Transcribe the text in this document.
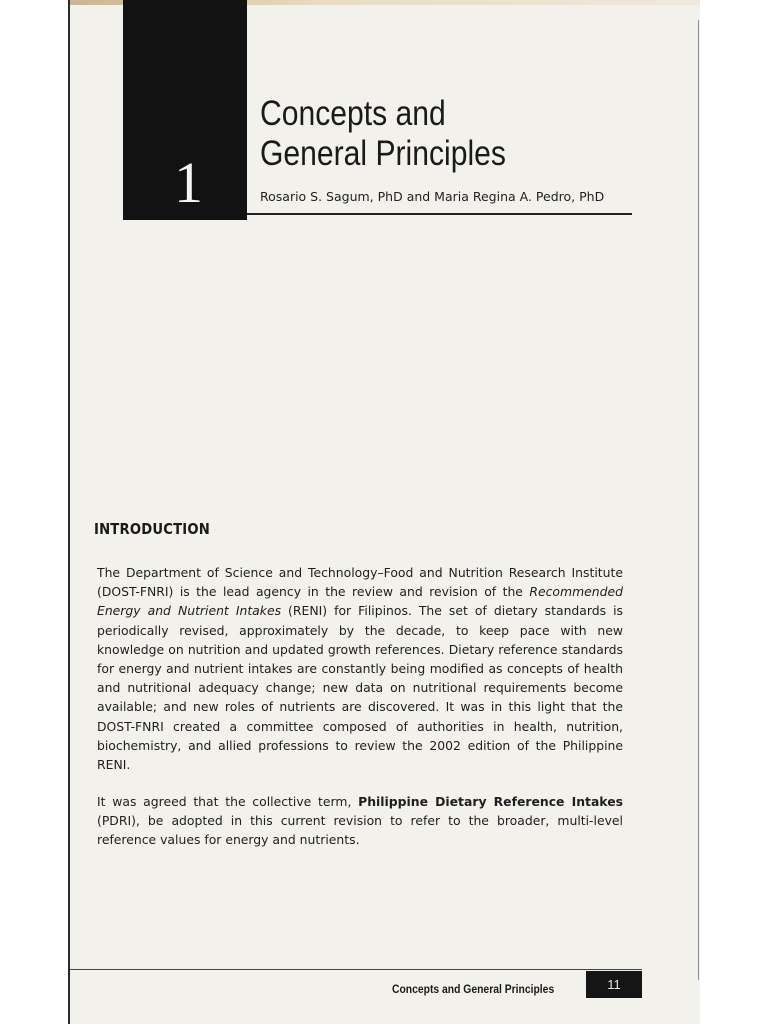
1
Concepts and
General Principles
Rosario S. Sagum, PhD and Maria Regina A. Pedro, PhD
INTRODUCTION

The Department of Science and Technology–Food and Nutrition Research Institute (DOST-FNRI) is the lead agency in the review and revision of the Recommended Energy and Nutrient Intakes (RENI) for Filipinos. The set of dietary standards is periodically revised, approximately by the decade, to keep pace with new knowledge on nutrition and updated growth references. Dietary reference standards for energy and nutrient intakes are constantly being modified as concepts of health and nutritional adequacy change; new data on nutritional requirements become available; and new roles of nutrients are discovered. It was in this light that the DOST-FNRI created a committee composed of authorities in health, nutrition, biochemistry, and allied professions to review the 2002 edition of the Philippine RENI.

It was agreed that the collective term, Philippine Dietary Reference Intakes (PDRI), be adopted in this current revision to refer to the broader, multi-level reference values for energy and nutrients.

Concepts and General Principles	11
